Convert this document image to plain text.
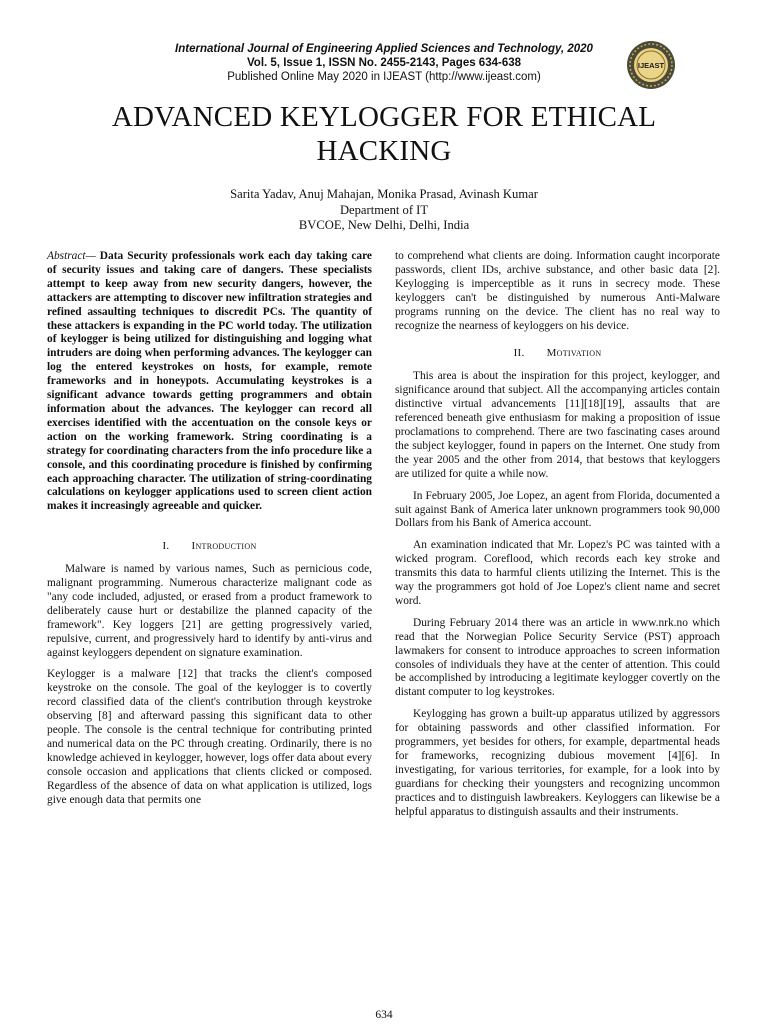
International Journal of Engineering Applied Sciences and Technology, 2020
Vol. 5, Issue 1, ISSN No. 2455-2143, Pages 634-638
Published Online May 2020 in IJEAST (http://www.ijeast.com)
IJEAST
ADVANCED KEYLOGGER FOR ETHICAL HACKING
Sarita Yadav, Anuj Mahajan, Monika Prasad, Avinash Kumar
Department of IT
BVCOE, New Delhi, Delhi, India

Abstract— Data Security professionals work each day taking care of security issues and taking care of dangers. These specialists attempt to keep away from new security dangers, however, the attackers are attempting to discover new infiltration strategies and refined assaulting techniques to discredit PCs. The quantity of these attackers is expanding in the PC world today. The utilization of keylogger is being utilized for distinguishing and logging what intruders are doing when performing advances. The keylogger can log the entered keystrokes on hosts, for example, remote frameworks and in honeypots. Accumulating keystrokes is a significant advance towards getting programmers and obtain information about the advances. The keylogger can record all exercises identified with the accentuation on the console keys or action on the working framework. String coordinating is a strategy for coordinating characters from the info procedure like a console, and this coordinating procedure is finished by confirming each approaching character. The utilization of string-coordinating calculations on keylogger applications used to screen client action makes it increasingly agreeable and quicker.

I. Introduction

Malware is named by various names, Such as pernicious code, malignant programming. Numerous characterize malignant code as "any code included, adjusted, or erased from a product framework to deliberately cause hurt or destabilize the planned capacity of the framework". Key loggers [21] are getting progressively varied, repulsive, current, and progressively hard to identify by anti-virus and against keyloggers dependent on signature examination.

Keylogger is a malware [12] that tracks the client's composed keystroke on the console. The goal of the keylogger is to covertly record classified data of the client's contribution through keystroke observing [8] and afterward passing this significant data to other people. The console is the central technique for contributing printed and numerical data on the PC through creating. Ordinarily, there is no knowledge achieved in keylogger, however, logs offer data about every console occasion and applications that clients clicked or composed. Regardless of the absence of data on what application is utilized, logs give enough data that permits one

to comprehend what clients are doing. Information caught incorporate passwords, client IDs, archive substance, and other basic data [2]. Keylogging is imperceptible as it runs in secrecy mode. These keyloggers can't be distinguished by numerous Anti-Malware programs running on the device. The client has no real way to recognize the nearness of keyloggers on his device.

II. Motivation

This area is about the inspiration for this project, keylogger, and significance around that subject. All the accompanying articles contain distinctive virtual advancements [11][18][19], assaults that are referenced beneath give enthusiasm for making a proposition of issue proclamations to comprehend. There are two fascinating cases around the subject keylogger, found in papers on the Internet. One study from the year 2005 and the other from 2014, that bestows that keyloggers are utilized for quite a while now.

In February 2005, Joe Lopez, an agent from Florida, documented a suit against Bank of America later unknown programmers took 90,000 Dollars from his Bank of America account.

An examination indicated that Mr. Lopez's PC was tainted with a wicked program. Coreflood, which records each key stroke and transmits this data to harmful clients utilizing the Internet. This is the way the programmers got hold of Joe Lopez's client name and secret word.

During February 2014 there was an article in www.nrk.no which read that the Norwegian Police Security Service (PST) approach lawmakers for consent to introduce approaches to screen information consoles of individuals they have at the center of attention. This could be accomplished by introducing a legitimate keylogger covertly on the distant computer to log keystrokes.

Keylogging has grown a built-up apparatus utilized by aggressors for obtaining passwords and other classified information. For programmers, yet besides for others, for example, departmental heads for frameworks, recognizing dubious movement [4][6]. In investigating, for various territories, for example, for a look into by guardians for checking their youngsters and recognizing uncommon practices and to distinguish lawbreakers. Keyloggers can likewise be a helpful apparatus to distinguish assaults and their instruments.

634
